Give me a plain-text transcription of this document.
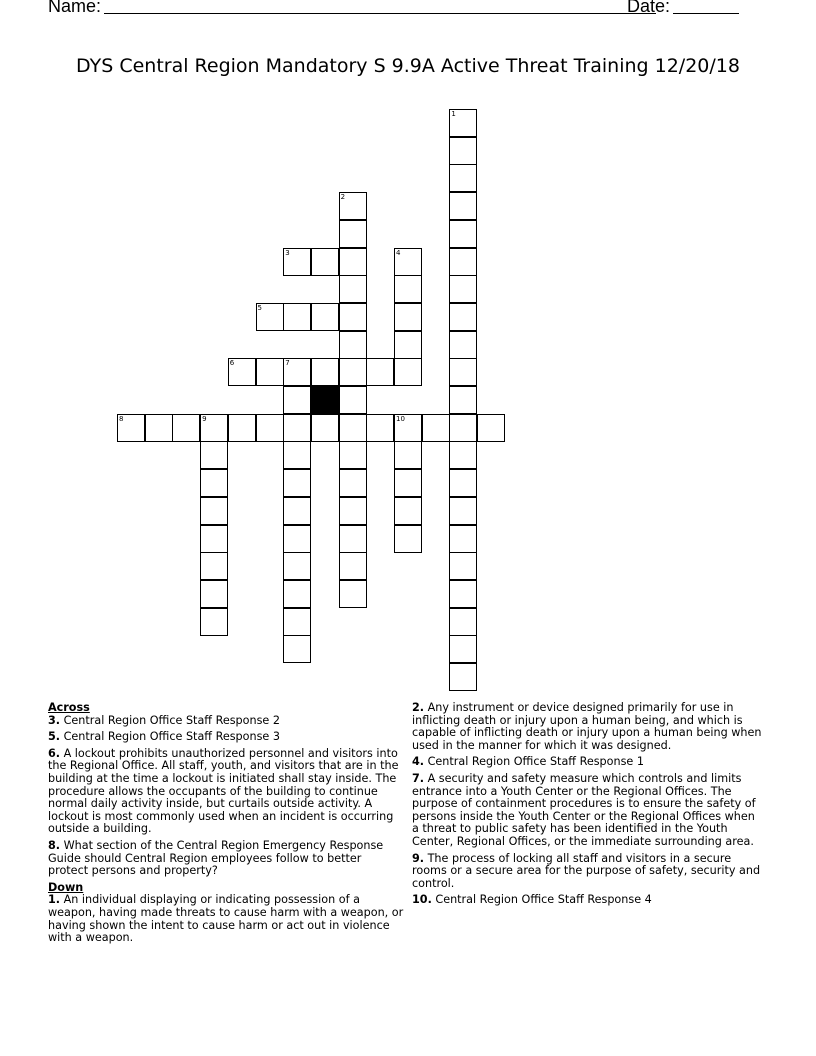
Name:	Date:
DYS Central Region Mandatory S 9.9A Active Threat Training 12/20/18
1
2
3	4
5
6	7
8	9	10

Across

3. Central Region Office Staff Response 2

5. Central Region Office Staff Response 3

6. A lockout prohibits unauthorized personnel and visitors into the Regional Office. All staff, youth, and visitors that are in the building at the time a lockout is initiated shall stay inside. The procedure allows the occupants of the building to continue normal daily activity inside, but curtails outside activity. A lockout is most commonly used when an incident is occurring outside a building.

8. What section of the Central Region Emergency Response Guide should Central Region employees follow to better protect persons and property?

Down

1. An individual displaying or indicating possession of a weapon, having made threats to cause harm with a weapon, or having shown the intent to cause harm or act out in violence with a weapon.

2. Any instrument or device designed primarily for use in inflicting death or injury upon a human being, and which is capable of inflicting death or injury upon a human being when used in the manner for which it was designed.

4. Central Region Office Staff Response 1

7. A security and safety measure which controls and limits entrance into a Youth Center or the Regional Offices. The purpose of containment procedures is to ensure the safety of persons inside the Youth Center or the Regional Offices when a threat to public safety has been identified in the Youth Center, Regional Offices, or the immediate surrounding area.

9. The process of locking all staff and visitors in a secure rooms or a secure area for the purpose of safety, security and control.

10. Central Region Office Staff Response 4
